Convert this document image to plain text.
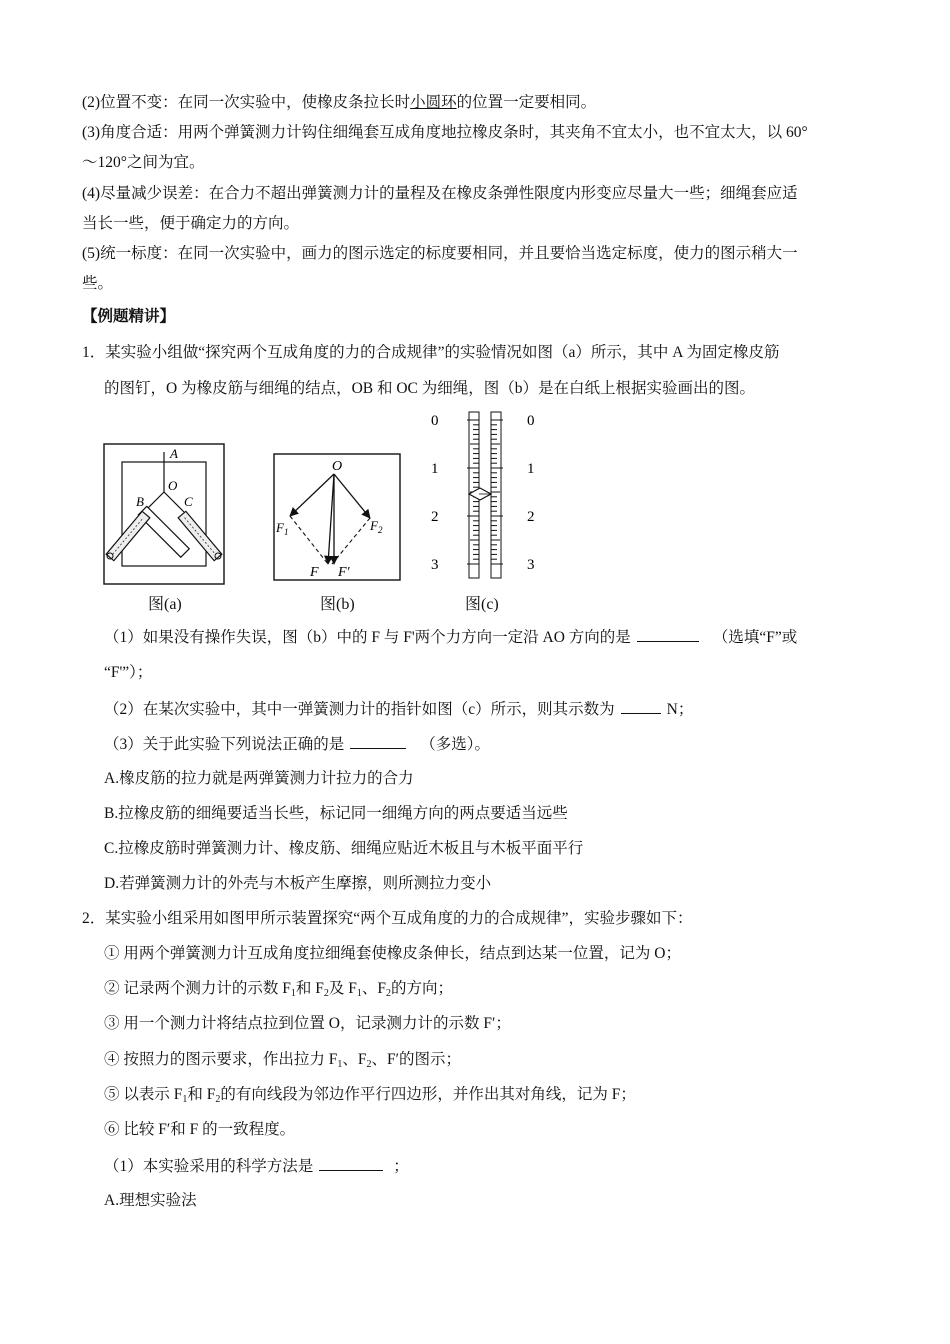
(2)位置不变：在同一次实验中，使橡皮条拉长时小圆环的位置一定要相同。
(3)角度合适：用两个弹簧测力计钩住细绳套互成角度地拉橡皮条时，其夹角不宜太小，也不宜太大，以 60°
～120°之间为宜。
(4)尽量减少误差：在合力不超出弹簧测力计的量程及在橡皮条弹性限度内形变应尽量大一些；细绳套应适
当长一些，便于确定力的方向。
(5)统一标度：在同一次实验中，画力的图示选定的标度要相同，并且要恰当选定标度，使力的图示稍大一
些。
【例题精讲】
1．某实验小组做“探究两个互成角度的力的合成规律”的实验情况如图（a）所示，其中 A 为固定橡皮筋
的图钉，O 为橡皮筋与细绳的结点，OB 和 OC 为细绳，图（b）是在白纸上根据实验画出的图。
A
O
B	C
图(a)
O
$F_1$	$F_2$
F F′
图(b)
0	0
1	1
2	2
3	3
图(c)
（1）如果没有操作失误，图（b）中的 F 与 F'两个力方向一定沿 AO 方向的是	（选填“F”或
“F'”）；
（2）在某次实验中，其中一弹簧测力计的指针如图（c）所示，则其示数为	N；
（3）关于此实验下列说法正确的是	（多选）。
A.橡皮筋的拉力就是两弹簧测力计拉力的合力
B.拉橡皮筋的细绳要适当长些，标记同一细绳方向的两点要适当远些
C.拉橡皮筋时弹簧测力计、橡皮筋、细绳应贴近木板且与木板平面平行
D.若弹簧测力计的外壳与木板产生摩擦，则所测拉力变小
2．某实验小组采用如图甲所示装置探究“两个互成角度的力的合成规律”，实验步骤如下：
① 用两个弹簧测力计互成角度拉细绳套使橡皮条伸长，结点到达某一位置，记为 O；
② 记录两个测力计的示数 $F_1$和 $F_2$及 $F_1$、$F_2$的方向；
③ 用一个测力计将结点拉到位置 O，记录测力计的示数 F′；
④ 按照力的图示要求，作出拉力 $F_1$、$F_2$、F′的图示；
⑤ 以表示 $F_1$和 $F_2$的有向线段为邻边作平行四边形，并作出其对角线，记为 F；
⑥ 比较 F′和 F 的一致程度。
（1）本实验采用的科学方法是	；
A.理想实验法
